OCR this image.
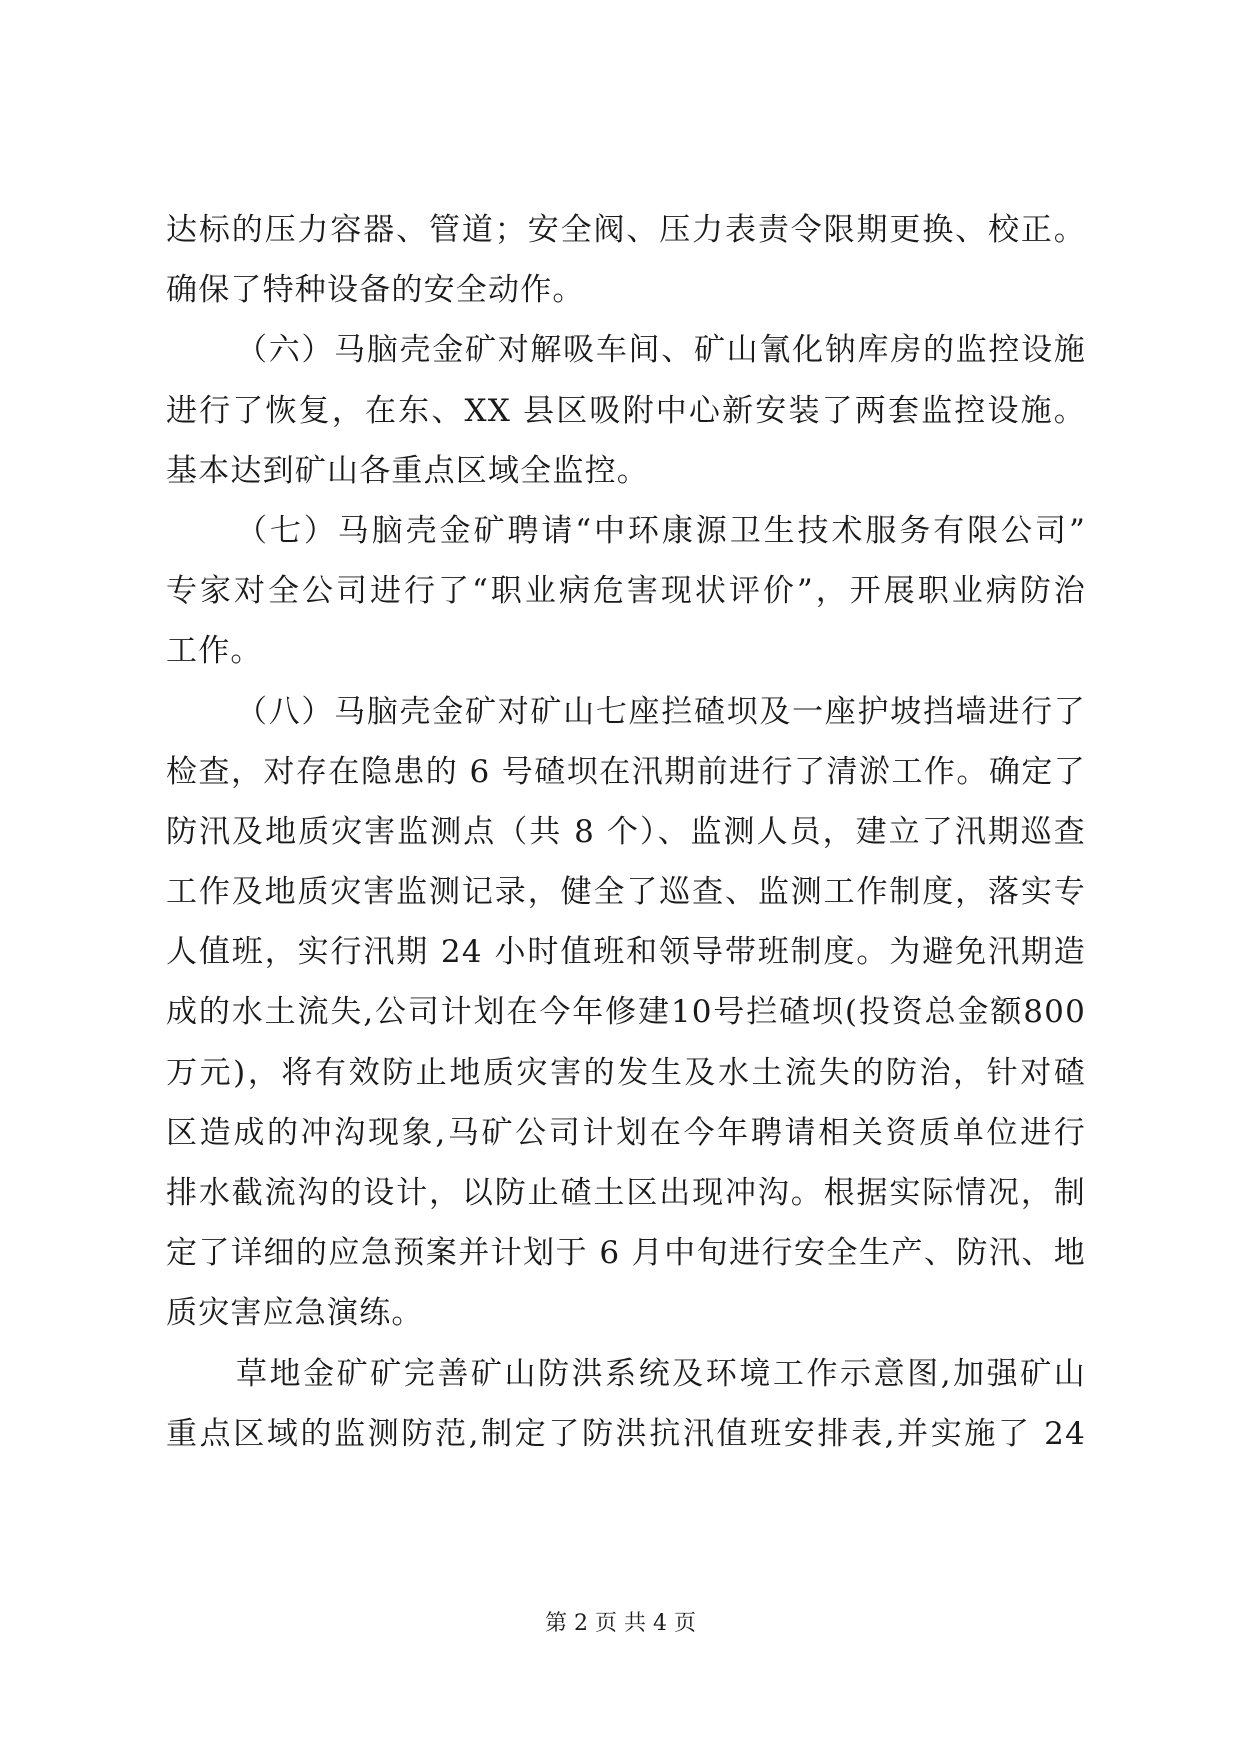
达标的压力容器、管道；安全阀、压力表责令限期更换、校正。
确保了特种设备的安全动作。
（六）马脑壳金矿对解吸车间、矿山氰化钠库房的监控设施
进行了恢复，在东、XX 县区吸附中心新安装了两套监控设施。
基本达到矿山各重点区域全监控。
（七）马脑壳金矿聘请“中环康源卫生技术服务有限公司”
专家对全公司进行了“职业病危害现状评价”，开展职业病防治
工作。
（八）马脑壳金矿对矿山七座拦碴坝及一座护坡挡墙进行了
检查，对存在隐患的 6 号碴坝在汛期前进行了清淤工作。确定了
防汛及地质灾害监测点（共 8 个）、监测人员，建立了汛期巡查
工作及地质灾害监测记录，健全了巡查、监测工作制度，落实专
人值班，实行汛期 24 小时值班和领导带班制度。为避免汛期造
成的水土流失,公司计划在今年修建10号拦碴坝(投资总金额800
万元)，将有效防止地质灾害的发生及水土流失的防治，针对碴
区造成的冲沟现象,马矿公司计划在今年聘请相关资质单位进行
排水截流沟的设计，以防止碴土区出现冲沟。根据实际情况，制
定了详细的应急预案并计划于 6 月中旬进行安全生产、防汛、地
质灾害应急演练。
草地金矿矿完善矿山防洪系统及环境工作示意图,加强矿山
重点区域的监测防范,制定了防洪抗汛值班安排表,并实施了 24
第 2 页 共 4 页
